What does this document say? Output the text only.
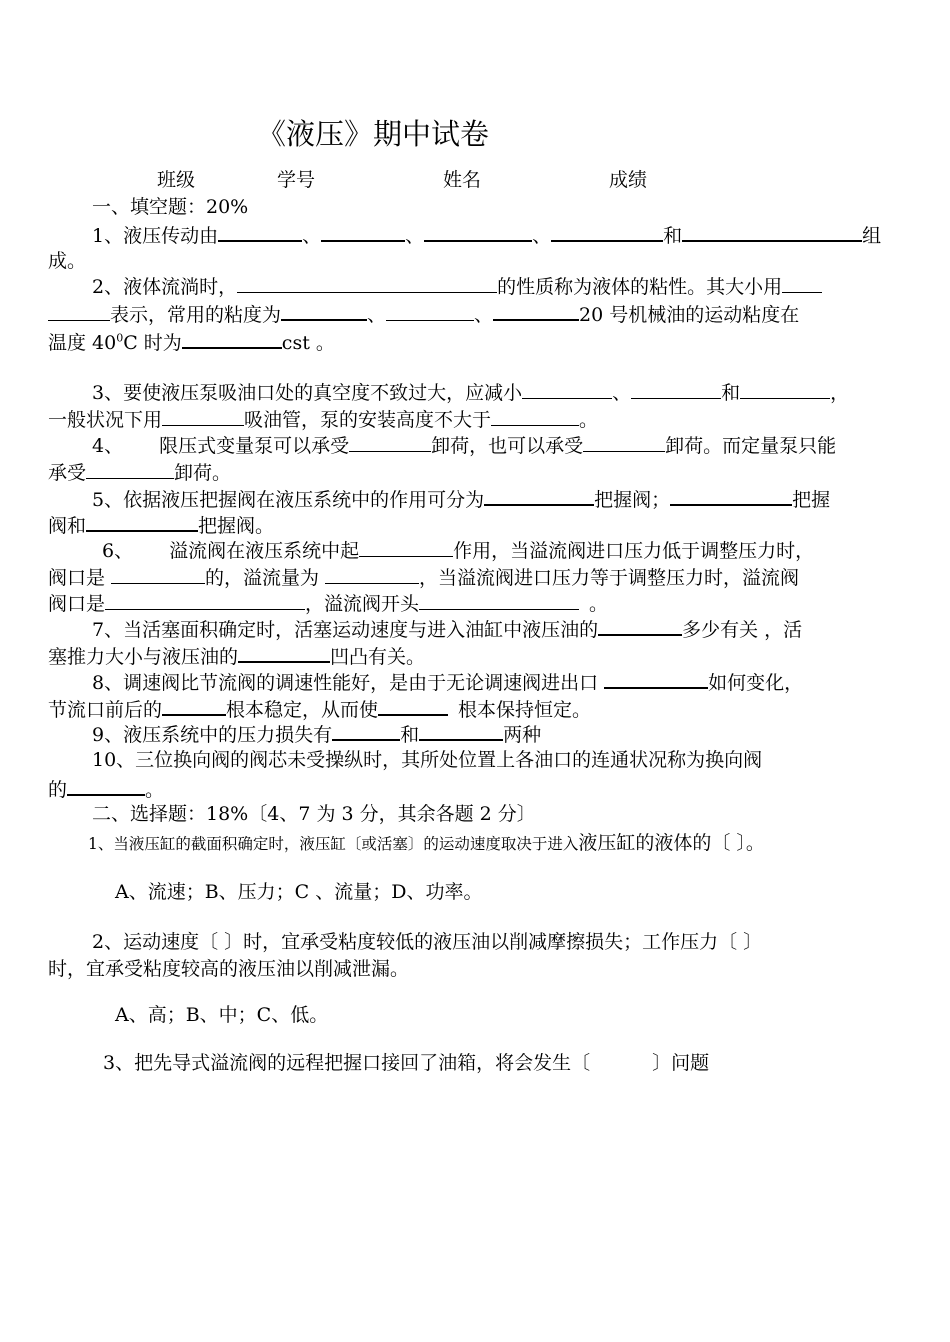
《液压》期中试卷
班级	学号	姓名	成绩
一、填空题：20%
1、液压传动由	、	、	、	和	组
成。
2、液体流淌时，	的性质称为液体的粘性。其大小用
表示，常用的粘度为	、	、	20 号机械油的运动粘度在
温度 $40^0C$ 时为	cst 。
3、要使液压泵吸油口处的真空度不致过大，应减小	、	和	，
一般状况下用	吸油管，泵的安装高度不大于	。
4、 限压式变量泵可以承受	卸荷，也可以承受	卸荷。而定量泵只能
承受	卸荷。
5、依据液压把握阀在液压系统中的作用可分为	把握阀；	把握
阀和	把握阀。
6、 溢流阀在液压系统中起	作用，当溢流阀进口压力低于调整压力时，
阀口是	的，溢流量为	，当溢流阀进口压力等于调整压力时，溢流阀
阀口是	，溢流阀开头	。
7、当活塞面积确定时，活塞运动速度与进入油缸中液压油的	多少有关 ，活
塞推力大小与液压油的	凹凸有关。
8、调速阀比节流阀的调速性能好，是由于无论调速阀进出口	如何变化，
节流口前后的	根本稳定，从而使	根本保持恒定。
9、液压系统中的压力损失有	和	两种
10、三位换向阀的阀芯未受操纵时，其所处位置上各油口的连通状况称为换向阀
的	。
二、选择题：18%〔4、7 为 3 分，其余各题 2 分〕
1、当液压缸的截面积确定时，液压缸〔或活塞〕的运动速度取决于进入液压缸的液体的〔 〕。
A、流速；B、压力；C 、流量；D、功率。
2、运动速度〔 〕时，宜承受粘度较低的液压油以削减摩擦损失；工作压力〔 〕
时，宜承受粘度较高的液压油以削减泄漏。
A、高；B、中；C、低。
3、把先导式溢流阀的远程把握口接回了油箱，将会发生〔	〕问题
